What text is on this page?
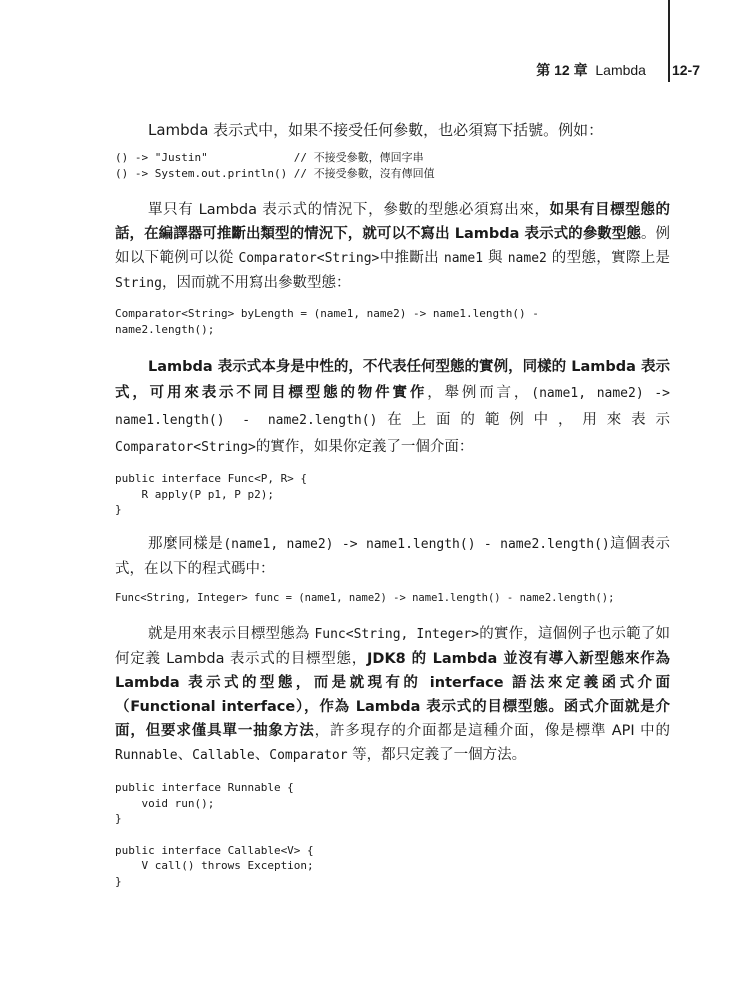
第 12 章 Lambda 12-7

Lambda 表示式中，如果不接受任何參數，也必須寫下括號。例如：

() -> "Justin"             // 不接受參數，傳回字串
() -> System.out.println() // 不接受參數，沒有傳回值

單只有 Lambda 表示式的情況下，參數的型態必須寫出來，如果有目標型態的話，在編譯器可推斷出類型的情況下，就可以不寫出 Lambda 表示式的參數型態。例如以下範例可以從 Comparator<String>中推斷出 name1 與 name2 的型態，實際上是 String，因而就不用寫出參數型態：

Comparator<String> byLength = (name1, name2) -> name1.length() -
name2.length();

Lambda 表示式本身是中性的，不代表任何型態的實例，同樣的 Lambda 表示式，可用來表示不同目標型態的物件實作，舉例而言，(name1, name2) -> name1.length() - name2.length()在上面的範例中，用來表示 Comparator<String>的實作，如果你定義了一個介面：

public interface Func<P, R> {
R apply(P p1, P p2);
}

那麼同樣是(name1, name2) -> name1.length() - name2.length()這個表示式，在以下的程式碼中：

Func<String, Integer> func = (name1, name2) -> name1.length() - name2.length();

就是用來表示目標型態為 Func<String, Integer>的實作，這個例子也示範了如何定義 Lambda 表示式的目標型態，JDK8 的 Lambda 並沒有導入新型態來作為 Lambda 表示式的型態，而是就現有的 interface 語法來定義函式介面（Functional interface），作為 Lambda 表示式的目標型態。函式介面就是介面，但要求僅具單一抽象方法，許多現存的介面都是這種介面，像是標準 API 中的 Runnable、Callable、Comparator 等，都只定義了一個方法。

public interface Runnable {
void run();
}
public interface Callable<V> {
V call() throws Exception;
}
